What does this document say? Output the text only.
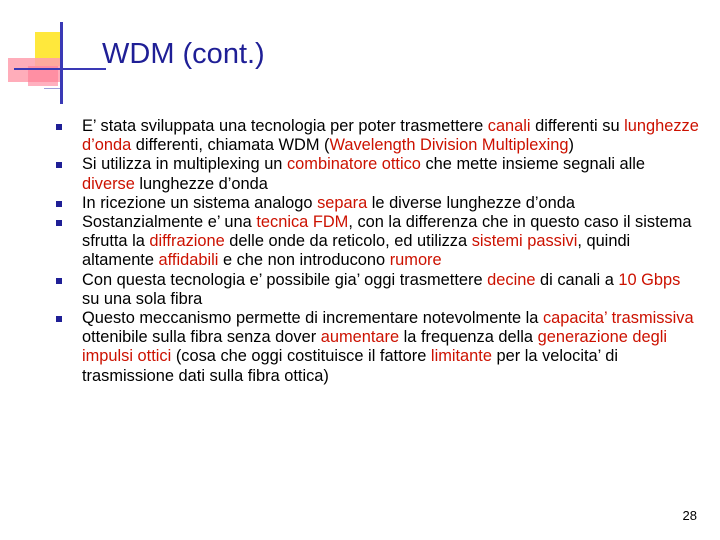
WDM (cont.)
E’ stata sviluppata una tecnologia per poter trasmettere canali differenti su lunghezze d’onda differenti, chiamata WDM (Wavelength Division Multiplexing)
Si utilizza in multiplexing un combinatore ottico che mette insieme segnali alle diverse lunghezze d’onda
In ricezione un sistema analogo separa le diverse lunghezze d’onda
Sostanzialmente e’ una tecnica FDM, con la differenza che in questo caso il sistema sfrutta la diffrazione delle onde da reticolo, ed utilizza sistemi passivi, quindi altamente affidabili e che non introducono rumore
Con questa tecnologia e’ possibile gia’ oggi trasmettere decine di canali a 10 Gbps su una sola fibra
Questo meccanismo permette di incrementare notevolmente la capacita’ trasmissiva ottenibile sulla fibra senza dover aumentare la frequenza della generazione degli impulsi ottici (cosa che oggi costituisce il fattore limitante per la velocita’ di trasmissione dati sulla fibra ottica)
28
